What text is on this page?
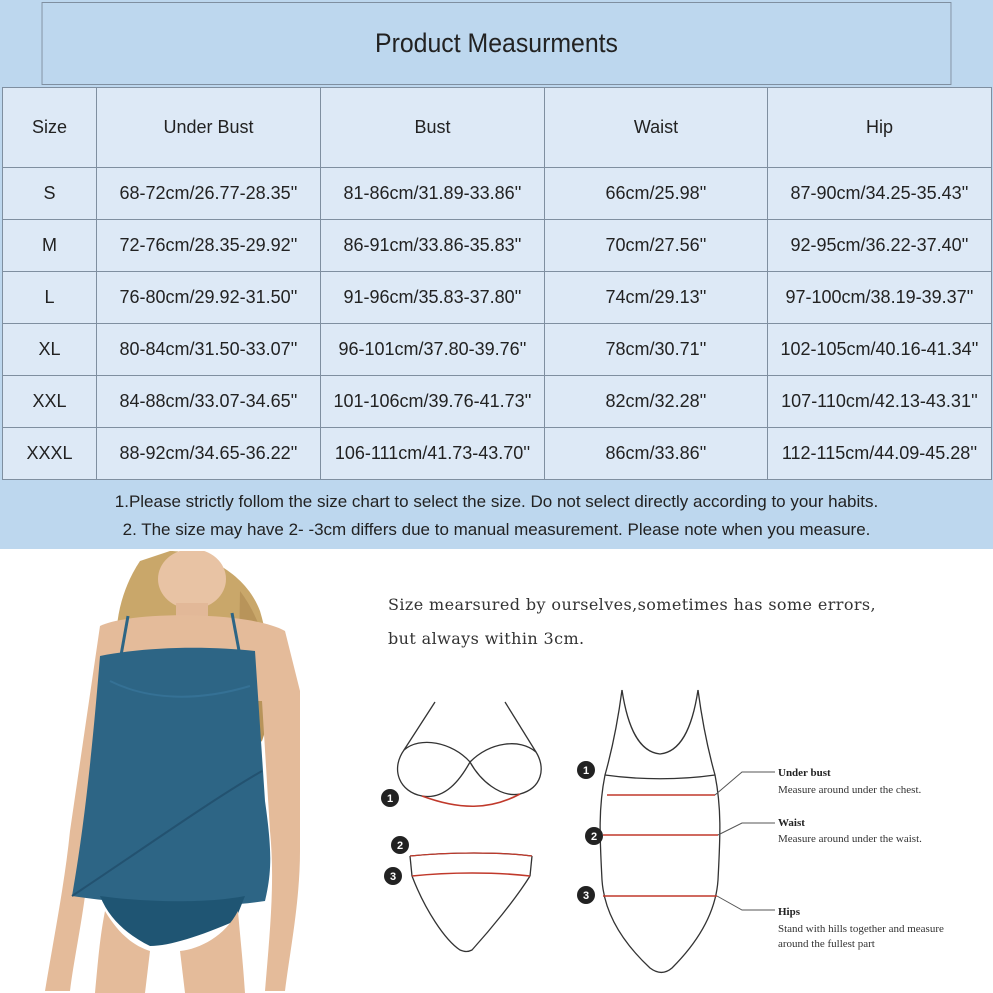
Product Measurments
Size	Under Bust	Bust	Waist	Hip
S	68-72cm/26.77-28.35''	81-86cm/31.89-33.86''	66cm/25.98''	87-90cm/34.25-35.43''
M	72-76cm/28.35-29.92''	86-91cm/33.86-35.83''	70cm/27.56''	92-95cm/36.22-37.40''
L	76-80cm/29.92-31.50''	91-96cm/35.83-37.80''	74cm/29.13''	97-100cm/38.19-39.37''
XL	80-84cm/31.50-33.07''	96-101cm/37.80-39.76''	78cm/30.71''	102-105cm/40.16-41.34''
XXL	84-88cm/33.07-34.65''	101-106cm/39.76-41.73''	82cm/32.28''	107-110cm/42.13-43.31''
XXXL	88-92cm/34.65-36.22''	106-111cm/41.73-43.70''	86cm/33.86''	112-115cm/44.09-45.28''
1.Please strictly follom the size chart to select the size. Do not select directly according to your habits.
2. The size may have 2- -3cm differs due to manual measurement. Please note when you measure.
Size mearsured by ourselves,sometimes has some errors,
but always within 3cm.
1
2
3
1
2
3
Under bust
Measure around under the chest.
Waist
Measure around under the waist.
Hips
Stand with hills together and measure
around the fullest part
